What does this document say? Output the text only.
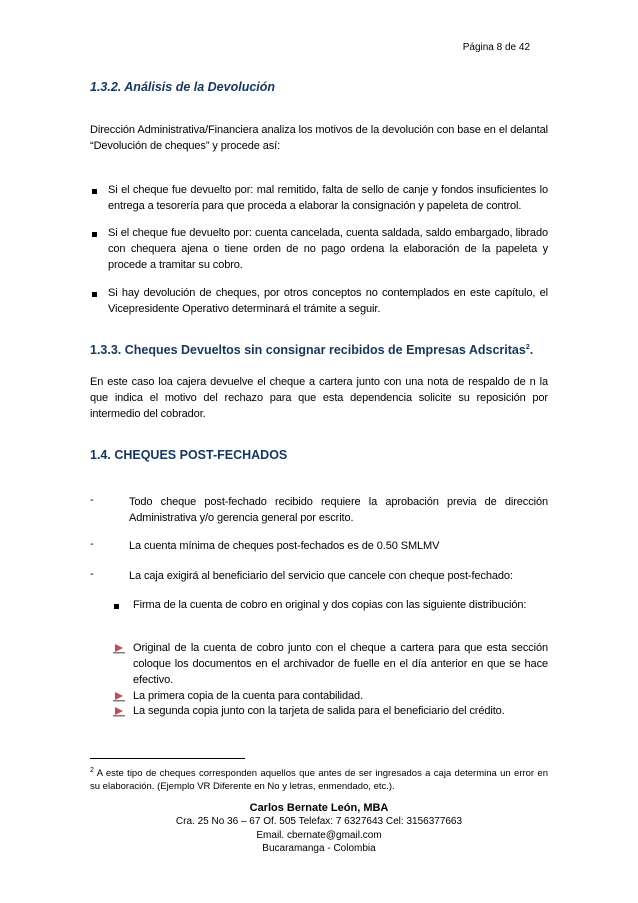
Página 8 de 42
1.3.2. Análisis de la Devolución
Dirección Administrativa/Financiera analiza los motivos de la devolución con base en el delantal “Devolución de cheques” y procede así:
Si el cheque fue devuelto por: mal remitido, falta de sello de canje y fondos insuficientes lo entrega a tesorería para que proceda a elaborar la consignación y papeleta de control.
Si el cheque fue devuelto por: cuenta cancelada, cuenta saldada, saldo embargado, librado con chequera ajena o tiene orden de no pago ordena la elaboración de la papeleta y procede a tramitar su cobro.
Si hay devolución de cheques, por otros conceptos no contemplados en este capítulo, el Vicepresidente Operativo determinará el trámite a seguir.
1.3.3. Cheques Devueltos sin consignar recibidos de Empresas Adscritas$^2$.
En este caso loa cajera devuelve el cheque a cartera junto con una nota de respaldo de n la que indica el motivo del rechazo para que esta dependencia solicite su reposición por intermedio del cobrador.
1.4. CHEQUES POST-FECHADOS
-	Todo cheque post-fechado recibido requiere la aprobación previa de dirección Administrativa y/o gerencia general por escrito.
-	La cuenta mínima de cheques post-fechados es de 0.50 SMLMV
-	La caja exigirá al beneficiario del servicio que cancele con cheque post-fechado:
Firma de la cuenta de cobro en original y dos copias con las siguiente distribución:
Original de la cuenta de cobro junto con el cheque a cartera para que esta sección coloque los documentos en el archivador de fuelle en el día anterior en que se hace efectivo.
La primera copia de la cuenta para contabilidad.
La segunda copia junto con la tarjeta de salida para el beneficiario del crédito.
$^2$ A este tipo de cheques corresponden aquellos que antes de ser ingresados a caja determina un error en su elaboración. (Ejemplo VR Diferente en No y letras, enmendado, etc.).
Carlos Bernate León, MBA
Cra. 25 No 36 – 67 Of. 505 Telefax: 7 6327643 Cel: 3156377663
Email. cbernate@gmail.com
Bucaramanga - Colombia
